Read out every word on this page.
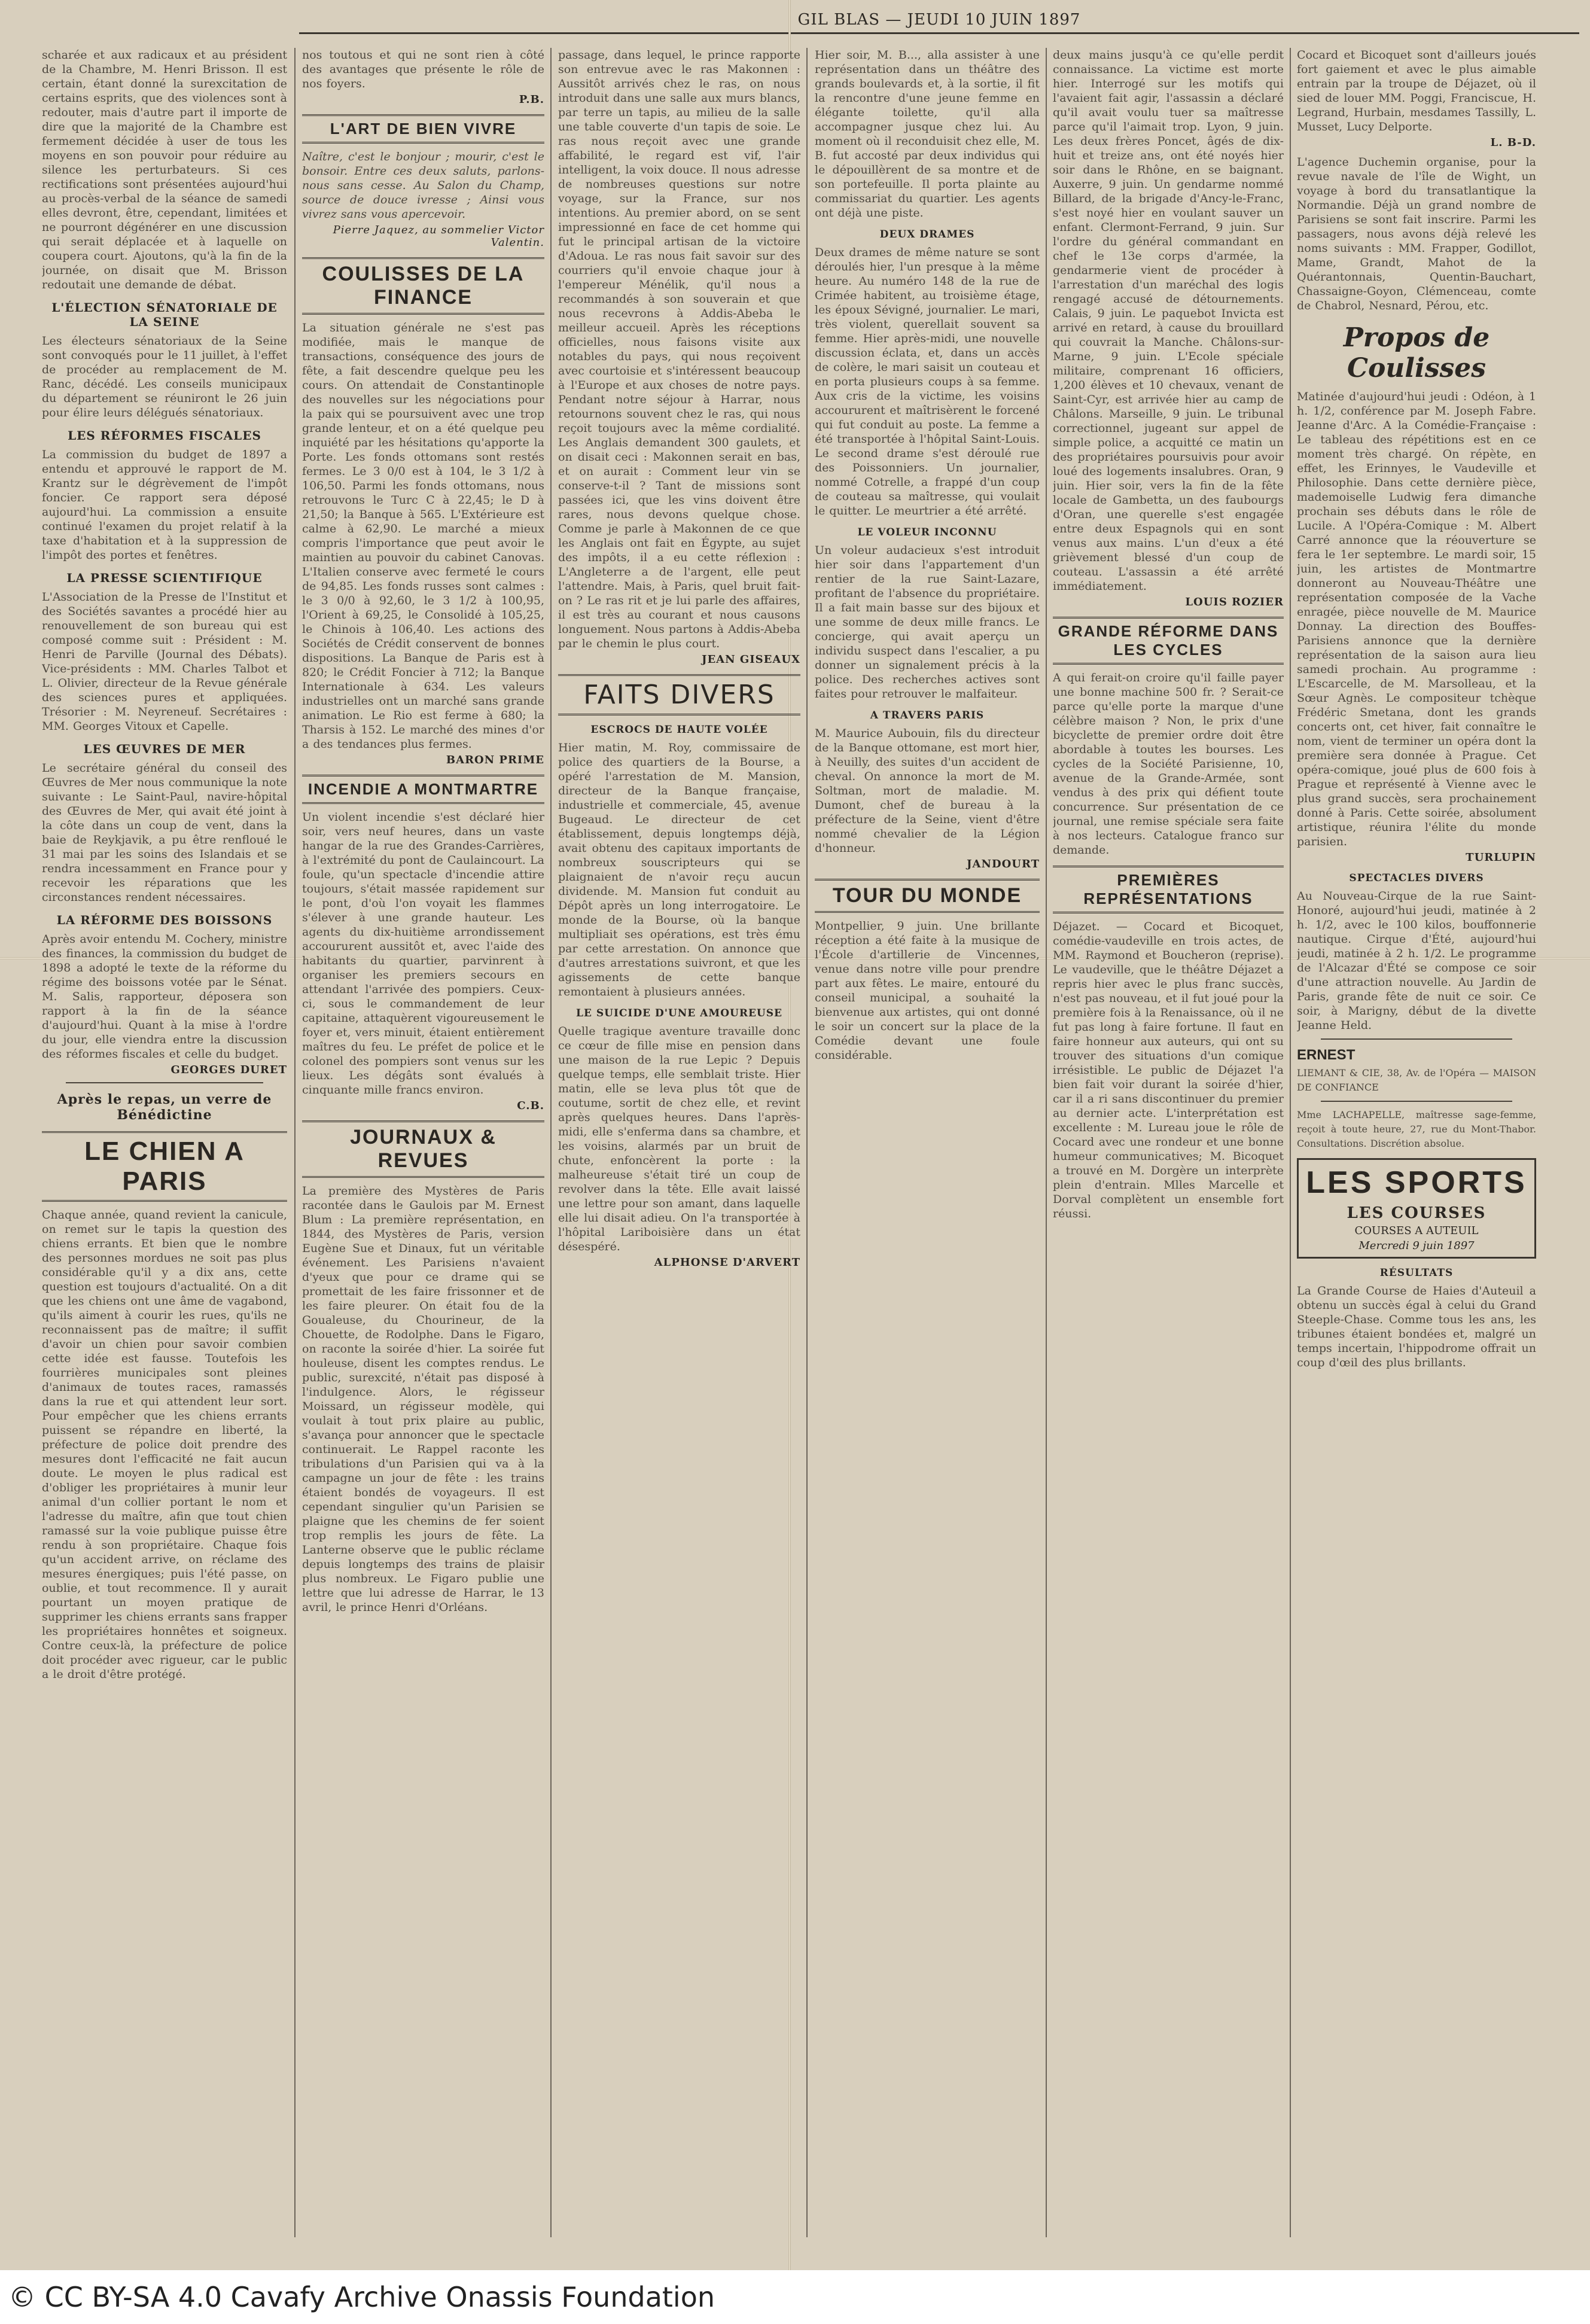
GIL BLAS — JEUDI 10 JUIN 1897
scharée et aux radicaux et au président de la Chambre, M. Henri Brisson. Il est certain, étant donné la surexcitation de certains esprits, que des violences sont à redouter, mais d'autre part il importe de dire que la majorité de la Chambre est fermement décidée à user de tous les moyens en son pouvoir pour réduire au silence les perturbateurs. Si ces rectifications sont présentées aujourd'hui au procès-verbal de la séance de samedi elles devront, être, cependant, limitées et ne pourront dégénérer en une discussion qui serait déplacée et à laquelle on coupera court. Ajoutons, qu'à la fin de la journée, on disait que M. Brisson redoutait une demande de débat.
L'ÉLECTION SÉNATORIALE DE LA SEINE
Les électeurs sénatoriaux de la Seine sont convoqués pour le 11 juillet, à l'effet de procéder au remplacement de M. Ranc, décédé. Les conseils municipaux du département se réuniront le 26 juin pour élire leurs délégués sénatoriaux.
LES RÉFORMES FISCALES
La commission du budget de 1897 a entendu et approuvé le rapport de M. Krantz sur le dégrèvement de l'impôt foncier. Ce rapport sera déposé aujourd'hui. La commission a ensuite continué l'examen du projet relatif à la taxe d'habitation et à la suppression de l'impôt des portes et fenêtres.
LA PRESSE SCIENTIFIQUE
L'Association de la Presse de l'Institut et des Sociétés savantes a procédé hier au renouvellement de son bureau qui est composé comme suit : Président : M. Henri de Parville (Journal des Débats). Vice-présidents : MM. Charles Talbot et L. Olivier, directeur de la Revue générale des sciences pures et appliquées. Trésorier : M. Neyreneuf. Secrétaires : MM. Georges Vitoux et Capelle.
LES ŒUVRES DE MER
Le secrétaire général du conseil des Œuvres de Mer nous communique la note suivante : Le Saint-Paul, navire-hôpital des Œuvres de Mer, qui avait été joint à la côte dans un coup de vent, dans la baie de Reykjavik, a pu être renfloué le 31 mai par les soins des Islandais et se rendra incessamment en France pour y recevoir les réparations que les circonstances rendent nécessaires.
LA RÉFORME DES BOISSONS
Après avoir entendu M. Cochery, ministre des finances, la commission du budget de 1898 a adopté le texte de la réforme du régime des boissons votée par le Sénat. M. Salis, rapporteur, déposera son rapport à la fin de la séance d'aujourd'hui. Quant à la mise à l'ordre du jour, elle viendra entre la discussion des réformes fiscales et celle du budget.
GEORGES DURET
Après le repas, un verre de Bénédictine
LE CHIEN A PARIS
Chaque année, quand revient la canicule, on remet sur le tapis la question des chiens errants. Et bien que le nombre des personnes mordues ne soit pas plus considérable qu'il y a dix ans, cette question est toujours d'actualité. On a dit que les chiens ont une âme de vagabond, qu'ils aiment à courir les rues, qu'ils ne reconnaissent pas de maître; il suffit d'avoir un chien pour savoir combien cette idée est fausse. Toutefois les fourrières municipales sont pleines d'animaux de toutes races, ramassés dans la rue et qui attendent leur sort. Pour empêcher que les chiens errants puissent se répandre en liberté, la préfecture de police doit prendre des mesures dont l'efficacité ne fait aucun doute. Le moyen le plus radical est d'obliger les propriétaires à munir leur animal d'un collier portant le nom et l'adresse du maître, afin que tout chien ramassé sur la voie publique puisse être rendu à son propriétaire. Chaque fois qu'un accident arrive, on réclame des mesures énergiques; puis l'été passe, on oublie, et tout recommence. Il y aurait pourtant un moyen pratique de supprimer les chiens errants sans frapper les propriétaires honnêtes et soigneux. Contre ceux-là, la préfecture de police doit procéder avec rigueur, car le public a le droit d'être protégé.
nos toutous et qui ne sont rien à côté des avantages que présente le rôle de nos foyers.
P.B.
L'ART DE BIEN VIVRE
Naître, c'est le bonjour ; mourir, c'est le bonsoir. Entre ces deux saluts, parlons-nous sans cesse. Au Salon du Champ, source de douce ivresse ; Ainsi vous vivrez sans vous apercevoir.
Pierre Jaquez, au sommelier Victor Valentin.
COULISSES DE LA FINANCE
La situation générale ne s'est pas modifiée, mais le manque de transactions, conséquence des jours de fête, a fait descendre quelque peu les cours. On attendait de Constantinople des nouvelles sur les négociations pour la paix qui se poursuivent avec une trop grande lenteur, et on a été quelque peu inquiété par les hésitations qu'apporte la Porte. Les fonds ottomans sont restés fermes. Le 3 0/0 est à 104, le 3 1/2 à 106,50. Parmi les fonds ottomans, nous retrouvons le Turc C à 22,45; le D à 21,50; la Banque à 565. L'Extérieure est calme à 62,90. Le marché a mieux compris l'importance que peut avoir le maintien au pouvoir du cabinet Canovas. L'Italien conserve avec fermeté le cours de 94,85. Les fonds russes sont calmes : le 3 0/0 à 92,60, le 3 1/2 à 100,95, l'Orient à 69,25, le Consolidé à 105,25, le Chinois à 106,40. Les actions des Sociétés de Crédit conservent de bonnes dispositions. La Banque de Paris est à 820; le Crédit Foncier à 712; la Banque Internationale à 634. Les valeurs industrielles ont un marché sans grande animation. Le Rio est ferme à 680; la Tharsis à 152. Le marché des mines d'or a des tendances plus fermes.
BARON PRIME
INCENDIE A MONTMARTRE
Un violent incendie s'est déclaré hier soir, vers neuf heures, dans un vaste hangar de la rue des Grandes-Carrières, à l'extrémité du pont de Caulaincourt. La foule, qu'un spectacle d'incendie attire toujours, s'était massée rapidement sur le pont, d'où l'on voyait les flammes s'élever à une grande hauteur. Les agents du dix-huitième arrondissement accoururent aussitôt et, avec l'aide des habitants du quartier, parvinrent à organiser les premiers secours en attendant l'arrivée des pompiers. Ceux-ci, sous le commandement de leur capitaine, attaquèrent vigoureusement le foyer et, vers minuit, étaient entièrement maîtres du feu. Le préfet de police et le colonel des pompiers sont venus sur les lieux. Les dégâts sont évalués à cinquante mille francs environ.
C.B.
JOURNAUX & REVUES
La première des Mystères de Paris racontée dans le Gaulois par M. Ernest Blum : La première représentation, en 1844, des Mystères de Paris, version Eugène Sue et Dinaux, fut un véritable événement. Les Parisiens n'avaient d'yeux que pour ce drame qui se promettait de les faire frissonner et de les faire pleurer. On était fou de la Goualeuse, du Chourineur, de la Chouette, de Rodolphe. Dans le Figaro, on raconte la soirée d'hier. La soirée fut houleuse, disent les comptes rendus. Le public, surexcité, n'était pas disposé à l'indulgence. Alors, le régisseur Moissard, un régisseur modèle, qui voulait à tout prix plaire au public, s'avança pour annoncer que le spectacle continuerait. Le Rappel raconte les tribulations d'un Parisien qui va à la campagne un jour de fête : les trains étaient bondés de voyageurs. Il est cependant singulier qu'un Parisien se plaigne que les chemins de fer soient trop remplis les jours de fête. La Lanterne observe que le public réclame depuis longtemps des trains de plaisir plus nombreux. Le Figaro publie une lettre que lui adresse de Harrar, le 13 avril, le prince Henri d'Orléans.
passage, dans lequel, le prince rapporte son entrevue avec le ras Makonnen : Aussitôt arrivés chez le ras, on nous introduit dans une salle aux murs blancs, par terre un tapis, au milieu de la salle une table couverte d'un tapis de soie. Le ras nous reçoit avec une grande affabilité, le regard est vif, l'air intelligent, la voix douce. Il nous adresse de nombreuses questions sur notre voyage, sur la France, sur nos intentions. Au premier abord, on se sent impressionné en face de cet homme qui fut le principal artisan de la victoire d'Adoua. Le ras nous fait savoir sur des courriers qu'il envoie chaque jour à l'empereur Ménélik, qu'il nous a recommandés à son souverain et que nous recevrons à Addis-Abeba le meilleur accueil. Après les réceptions officielles, nous faisons visite aux notables du pays, qui nous reçoivent avec courtoisie et s'intéressent beaucoup à l'Europe et aux choses de notre pays. Pendant notre séjour à Harrar, nous retournons souvent chez le ras, qui nous reçoit toujours avec la même cordialité. Les Anglais demandent 300 gaulets, et on disait ceci : Makonnen serait en bas, et on aurait : Comment leur vin se conserve-t-il ? Tant de missions sont passées ici, que les vins doivent être rares, nous devons quelque chose. Comme je parle à Makonnen de ce que les Anglais ont fait en Égypte, au sujet des impôts, il a eu cette réflexion : L'Angleterre a de l'argent, elle peut l'attendre. Mais, à Paris, quel bruit fait-on ? Le ras rit et je lui parle des affaires, il est très au courant et nous causons longuement. Nous partons à Addis-Abeba par le chemin le plus court.
JEAN GISEAUX
FAITS DIVERS
ESCROCS DE HAUTE VOLÉE
Hier matin, M. Roy, commissaire de police des quartiers de la Bourse, a opéré l'arrestation de M. Mansion, directeur de la Banque française, industrielle et commerciale, 45, avenue Bugeaud. Le directeur de cet établissement, depuis longtemps déjà, avait obtenu des capitaux importants de nombreux souscripteurs qui se plaignaient de n'avoir reçu aucun dividende. M. Mansion fut conduit au Dépôt après un long interrogatoire. Le monde de la Bourse, où la banque multipliait ses opérations, est très ému par cette arrestation. On annonce que d'autres arrestations suivront, et que les agissements de cette banque remontaient à plusieurs années.
LE SUICIDE D'UNE AMOUREUSE
Quelle tragique aventure travaille donc ce cœur de fille mise en pension dans une maison de la rue Lepic ? Depuis quelque temps, elle semblait triste. Hier matin, elle se leva plus tôt que de coutume, sortit de chez elle, et revint après quelques heures. Dans l'après-midi, elle s'enferma dans sa chambre, et les voisins, alarmés par un bruit de chute, enfoncèrent la porte : la malheureuse s'était tiré un coup de revolver dans la tête. Elle avait laissé une lettre pour son amant, dans laquelle elle lui disait adieu. On l'a transportée à l'hôpital Lariboisière dans un état désespéré.
ALPHONSE D'ARVERT
Hier soir, M. B..., alla assister à une représentation dans un théâtre des grands boulevards et, à la sortie, il fit la rencontre d'une jeune femme en élégante toilette, qu'il alla accompagner jusque chez lui. Au moment où il reconduisit chez elle, M. B. fut accosté par deux individus qui le dépouillèrent de sa montre et de son portefeuille. Il porta plainte au commissariat du quartier. Les agents ont déjà une piste.
DEUX DRAMES
Deux drames de même nature se sont déroulés hier, l'un presque à la même heure. Au numéro 148 de la rue de Crimée habitent, au troisième étage, les époux Sévigné, journalier. Le mari, très violent, querellait souvent sa femme. Hier après-midi, une nouvelle discussion éclata, et, dans un accès de colère, le mari saisit un couteau et en porta plusieurs coups à sa femme. Aux cris de la victime, les voisins accoururent et maîtrisèrent le forcené qui fut conduit au poste. La femme a été transportée à l'hôpital Saint-Louis. Le second drame s'est déroulé rue des Poissonniers. Un journalier, nommé Cotrelle, a frappé d'un coup de couteau sa maîtresse, qui voulait le quitter. Le meurtrier a été arrêté.
LE VOLEUR INCONNU
Un voleur audacieux s'est introduit hier soir dans l'appartement d'un rentier de la rue Saint-Lazare, profitant de l'absence du propriétaire. Il a fait main basse sur des bijoux et une somme de deux mille francs. Le concierge, qui avait aperçu un individu suspect dans l'escalier, a pu donner un signalement précis à la police. Des recherches actives sont faites pour retrouver le malfaiteur.
A TRAVERS PARIS
M. Maurice Aubouin, fils du directeur de la Banque ottomane, est mort hier, à Neuilly, des suites d'un accident de cheval. On annonce la mort de M. Soltman, mort de maladie. M. Dumont, chef de bureau à la préfecture de la Seine, vient d'être nommé chevalier de la Légion d'honneur.
JANDOURT
TOUR DU MONDE
Montpellier, 9 juin. Une brillante réception a été faite à la musique de l'École d'artillerie de Vincennes, venue dans notre ville pour prendre part aux fêtes. Le maire, entouré du conseil municipal, a souhaité la bienvenue aux artistes, qui ont donné le soir un concert sur la place de la Comédie devant une foule considérable.
deux mains jusqu'à ce qu'elle perdit connaissance. La victime est morte hier. Interrogé sur les motifs qui l'avaient fait agir, l'assassin a déclaré qu'il avait voulu tuer sa maîtresse parce qu'il l'aimait trop. Lyon, 9 juin. Les deux frères Poncet, âgés de dix-huit et treize ans, ont été noyés hier soir dans le Rhône, en se baignant. Auxerre, 9 juin. Un gendarme nommé Billard, de la brigade d'Ancy-le-Franc, s'est noyé hier en voulant sauver un enfant. Clermont-Ferrand, 9 juin. Sur l'ordre du général commandant en chef le 13e corps d'armée, la gendarmerie vient de procéder à l'arrestation d'un maréchal des logis rengagé accusé de détournements. Calais, 9 juin. Le paquebot Invicta est arrivé en retard, à cause du brouillard qui couvrait la Manche. Châlons-sur-Marne, 9 juin. L'Ecole spéciale militaire, comprenant 16 officiers, 1,200 élèves et 10 chevaux, venant de Saint-Cyr, est arrivée hier au camp de Châlons. Marseille, 9 juin. Le tribunal correctionnel, jugeant sur appel de simple police, a acquitté ce matin un des propriétaires poursuivis pour avoir loué des logements insalubres. Oran, 9 juin. Hier soir, vers la fin de la fête locale de Gambetta, un des faubourgs d'Oran, une querelle s'est engagée entre deux Espagnols qui en sont venus aux mains. L'un d'eux a été grièvement blessé d'un coup de couteau. L'assassin a été arrêté immédiatement.
LOUIS ROZIER
GRANDE RÉFORME DANS LES CYCLES
A qui ferait-on croire qu'il faille payer une bonne machine 500 fr. ? Serait-ce parce qu'elle porte la marque d'une célèbre maison ? Non, le prix d'une bicyclette de premier ordre doit être abordable à toutes les bourses. Les cycles de la Société Parisienne, 10, avenue de la Grande-Armée, sont vendus à des prix qui défient toute concurrence. Sur présentation de ce journal, une remise spéciale sera faite à nos lecteurs. Catalogue franco sur demande.
PREMIÈRES REPRÉSENTATIONS
Déjazet. — Cocard et Bicoquet, comédie-vaudeville en trois actes, de MM. Raymond et Boucheron (reprise). Le vaudeville, que le théâtre Déjazet a repris hier avec le plus franc succès, n'est pas nouveau, et il fut joué pour la première fois à la Renaissance, où il ne fut pas long à faire fortune. Il faut en faire honneur aux auteurs, qui ont su trouver des situations d'un comique irrésistible. Le public de Déjazet l'a bien fait voir durant la soirée d'hier, car il a ri sans discontinuer du premier au dernier acte. L'interprétation est excellente : M. Lureau joue le rôle de Cocard avec une rondeur et une bonne humeur communicatives; M. Bicoquet a trouvé en M. Dorgère un interprète plein d'entrain. Mlles Marcelle et Dorval complètent un ensemble fort réussi.
Cocard et Bicoquet sont d'ailleurs joués fort gaiement et avec le plus aimable entrain par la troupe de Déjazet, où il sied de louer MM. Poggi, Franciscue, H. Legrand, Hurbain, mesdames Tassilly, L. Musset, Lucy Delporte.
L. B-D.
L'agence Duchemin organise, pour la revue navale de l'île de Wight, un voyage à bord du transatlantique la Normandie. Déjà un grand nombre de Parisiens se sont fait inscrire. Parmi les passagers, nous avons déjà relevé les noms suivants : MM. Frapper, Godillot, Mame, Grandt, Mahot de la Quérantonnais, Quentin-Bauchart, Chassaigne-Goyon, Clémenceau, comte de Chabrol, Nesnard, Pérou, etc.
Propos de Coulisses
Matinée d'aujourd'hui jeudi : Odéon, à 1 h. 1/2, conférence par M. Joseph Fabre. Jeanne d'Arc. A la Comédie-Française : Le tableau des répétitions est en ce moment très chargé. On répète, en effet, les Erinnyes, le Vaudeville et Philosophie. Dans cette dernière pièce, mademoiselle Ludwig fera dimanche prochain ses débuts dans le rôle de Lucile. A l'Opéra-Comique : M. Albert Carré annonce que la réouverture se fera le 1er septembre. Le mardi soir, 15 juin, les artistes de Montmartre donneront au Nouveau-Théâtre une représentation composée de la Vache enragée, pièce nouvelle de M. Maurice Donnay. La direction des Bouffes-Parisiens annonce que la dernière représentation de la saison aura lieu samedi prochain. Au programme : L'Escarcelle, de M. Marsolleau, et la Sœur Agnès. Le compositeur tchèque Frédéric Smetana, dont les grands concerts ont, cet hiver, fait connaître le nom, vient de terminer un opéra dont la première sera donnée à Prague. Cet opéra-comique, joué plus de 600 fois à Prague et représenté à Vienne avec le plus grand succès, sera prochainement donné à Paris. Cette soirée, absolument artistique, réunira l'élite du monde parisien.
TURLUPIN
SPECTACLES DIVERS
Au Nouveau-Cirque de la rue Saint-Honoré, aujourd'hui jeudi, matinée à 2 h. 1/2, avec le 100 kilos, bouffonnerie nautique. Cirque d'Été, aujourd'hui jeudi, matinée à 2 h. 1/2. Le programme de l'Alcazar d'Été se compose ce soir d'une attraction nouvelle. Au Jardin de Paris, grande fête de nuit ce soir. Ce soir, à Marigny, début de la divette Jeanne Held.
ERNEST
LIEMANT & CIE, 38, Av. de l'Opéra — MAISON DE CONFIANCE
Mme LACHAPELLE, maîtresse sage-femme, reçoit à toute heure, 27, rue du Mont-Thabor. Consultations. Discrétion absolue.
LES SPORTS
LES COURSES
COURSES A AUTEUIL
Mercredi 9 juin 1897
RÉSULTATS
La Grande Course de Haies d'Auteuil a obtenu un succès égal à celui du Grand Steeple-Chase. Comme tous les ans, les tribunes étaient bondées et, malgré un temps incertain, l'hippodrome offrait un coup d'œil des plus brillants.
© CC BY-SA 4.0 Cavafy Archive Onassis Foundation
